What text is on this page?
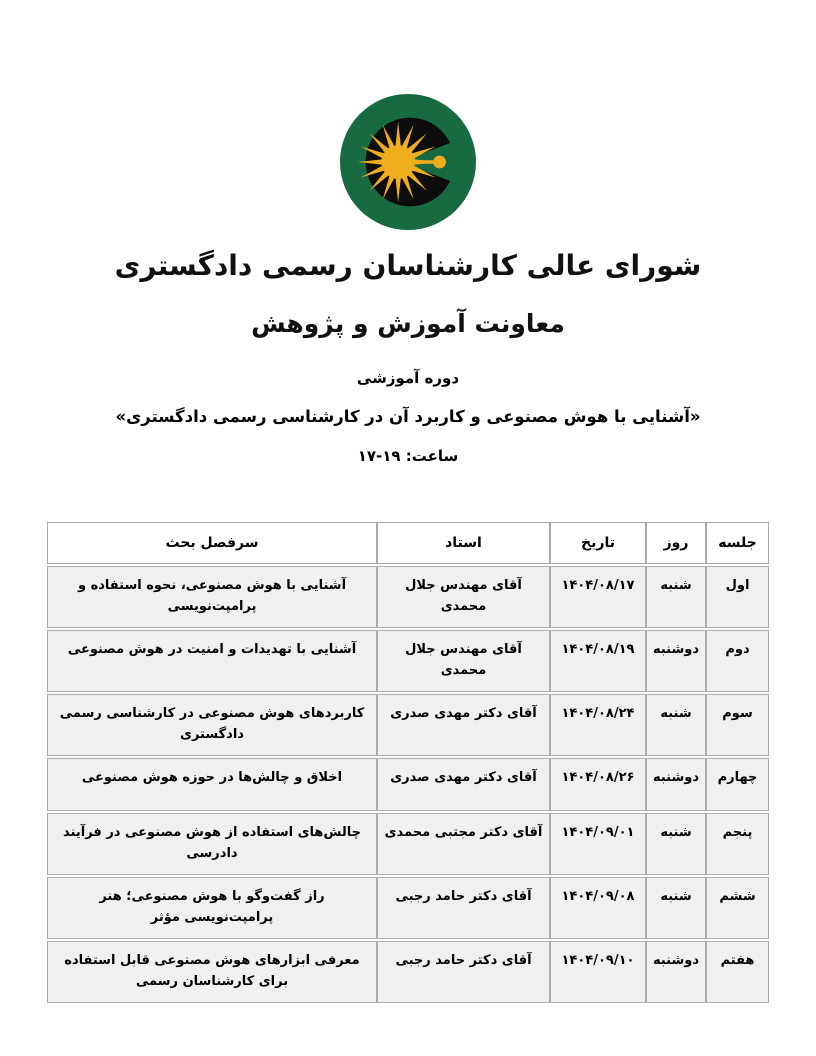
شورای عالی کارشناسان رسمی دادگستری
معاونت آموزش و پژوهش
دوره آموزشی
«آشنایی با هوش مصنوعی و کاربرد آن در کارشناسی رسمی دادگستری»
ساعت: ۱۹-۱۷
جلسه	روز	تاریخ	استاد	سرفصل بحث
اول	شنبه	۱۴۰۴/۰۸/۱۷	آقای مهندس جلال محمدی	آشنایی با هوش مصنوعی، نحوه استفاده و پرامپت‌نویسی
دوم	دوشنبه	۱۴۰۴/۰۸/۱۹	آقای مهندس جلال محمدی	آشنایی با تهدیدات و امنیت در هوش مصنوعی
سوم	شنبه	۱۴۰۴/۰۸/۲۴	آقای دکتر مهدی صدری	کاربردهای هوش مصنوعی در کارشناسی رسمی دادگستری
چهارم	دوشنبه	۱۴۰۴/۰۸/۲۶	آقای دکتر مهدی صدری	اخلاق و چالش‌ها در حوزه هوش مصنوعی
پنجم	شنبه	۱۴۰۴/۰۹/۰۱	آقای دکتر مجتبی محمدی	چالش‌های استفاده از هوش مصنوعی در فرآیند دادرسی
ششم	شنبه	۱۴۰۴/۰۹/۰۸	آقای دکتر حامد رجبی	راز گفت‌وگو با هوش مصنوعی؛ هنر پرامپت‌نویسی مؤثر
هفتم	دوشنبه	۱۴۰۴/۰۹/۱۰	آقای دکتر حامد رجبی	معرفی ابزارهای هوش مصنوعی قابل استفاده برای کارشناسان رسمی
